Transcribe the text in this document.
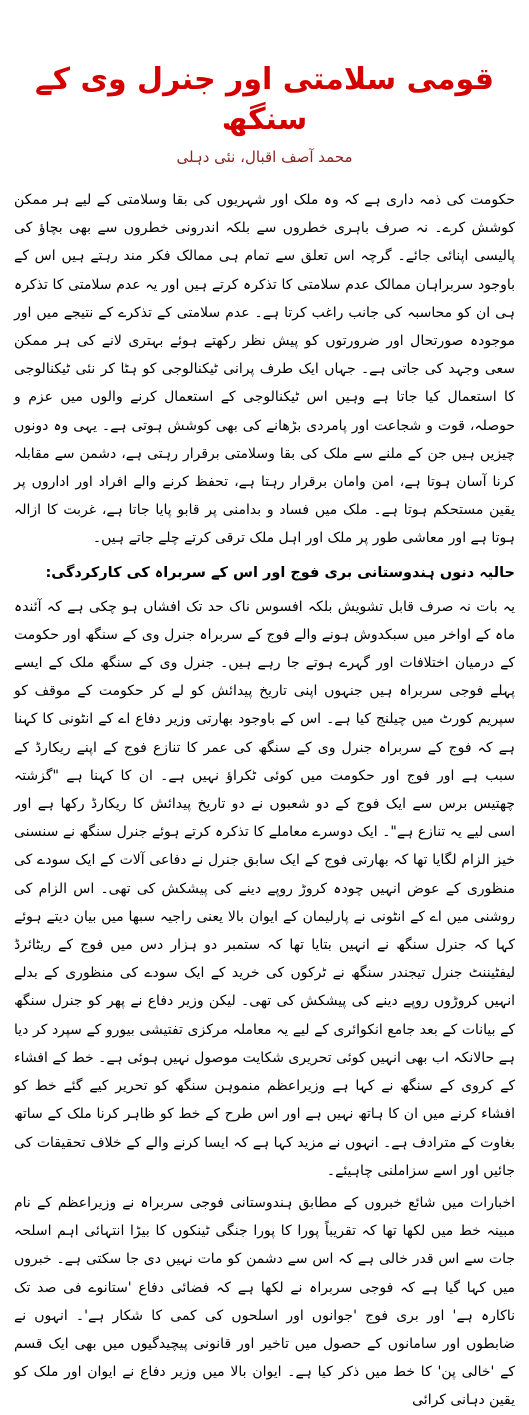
قومی سلامتی اور جنرل وی کے سنگھ
محمد آصف اقبال، نئی دہلی

حکومت کی ذمہ داری ہے کہ وہ ملک اور شہریوں کی بقا وسلامتی کے لیے ہر ممکن کوشش کرے۔ نہ صرف باہری خطروں سے بلکہ اندرونی خطروں سے بھی بچاؤ کی پالیسی اپنائی جائے۔ گرچہ اس تعلق سے تمام ہی ممالک فکر مند رہتے ہیں اس کے باوجود سربراہان ممالک عدم سلامتی کا تذکرہ کرتے ہیں اور یہ عدم سلامتی کا تذکرہ ہی ان کو محاسبہ کی جانب راغب کرتا ہے۔ عدم سلامتی کے تذکرے کے نتیجے میں اور موجودہ صورتحال اور ضرورتوں کو پیش نظر رکھتے ہوئے بہتری لانے کی ہر ممکن سعی وجہد کی جاتی ہے۔ جہاں ایک طرف پرانی ٹیکنالوجی کو ہٹا کر نئی ٹیکنالوجی کا استعمال کیا جاتا ہے وہیں اس ٹیکنالوجی کے استعمال کرنے والوں میں عزم و حوصلہ، قوت و شجاعت اور پامردی بڑھانے کی بھی کوشش ہوتی ہے۔ یہی وہ دونوں چیزیں ہیں جن کے ملنے سے ملک کی بقا وسلامتی برقرار رہتی ہے، دشمن سے مقابلہ کرنا آسان ہوتا ہے، امن وامان برقرار رہتا ہے، تحفظ کرنے والے افراد اور اداروں پر یقین مستحکم ہوتا ہے۔ ملک میں فساد و بدامنی پر قابو پایا جاتا ہے، غربت کا ازالہ ہوتا ہے اور معاشی طور پر ملک اور اہل ملک ترقی کرتے چلے جاتے ہیں۔

حالیہ دنوں ہندوستانی بری فوج اور اس کے سربراہ کی کارکردگی:

یہ بات نہ صرف قابل تشویش بلکہ افسوس ناک حد تک افشاں ہو چکی ہے کہ آئندہ ماہ کے اواخر میں سبکدوش ہونے والے فوج کے سربراہ جنرل وی کے سنگھ اور حکومت کے درمیان اختلافات اور گہرے ہوتے جا رہے ہیں۔ جنرل وی کے سنگھ ملک کے ایسے پہلے فوجی سربراہ ہیں جنہوں اپنی تاریخ پیدائش کو لے کر حکومت کے موقف کو سپریم کورٹ میں چیلنج کیا ہے۔ اس کے باوجود بھارتی وزیر دفاع اے کے انٹونی کا کہنا ہے کہ فوج کے سربراہ جنرل وی کے سنگھ کی عمر کا تنازع فوج کے اپنے ریکارڈ کے سبب ہے اور فوج اور حکومت میں کوئی ٹکراؤ نہیں ہے۔ ان کا کہنا ہے "گزشتہ چھتیس برس سے ایک فوج کے دو شعبوں نے دو تاریخ پیدائش کا ریکارڈ رکھا ہے اور اسی لیے یہ تنازع ہے"۔ ایک دوسرے معاملے کا تذکرہ کرتے ہوئے جنرل سنگھ نے سنسنی خیز الزام لگایا تھا کہ بھارتی فوج کے ایک سابق جنرل نے دفاعی آلات کے ایک سودے کی منظوری کے عوض انہیں چودہ کروڑ روپے دینے کی پیشکش کی تھی۔ اس الزام کی روشنی میں اے کے انٹونی نے پارلیمان کے ایوان بالا یعنی راجیہ سبھا میں بیان دیتے ہوئے کہا کہ جنرل سنگھ نے انہیں بتایا تھا کہ ستمبر دو ہزار دس میں فوج کے ریٹائرڈ لیفٹیننٹ جنرل تیجندر سنگھ نے ٹرکوں کی خرید کے ایک سودے کی منظوری کے بدلے انہیں کروڑوں روپے دینے کی پیشکش کی تھی۔ لیکن وزیر دفاع نے پھر کو جنرل سنگھ کے بیانات کے بعد جامع انکوائری کے لیے یہ معاملہ مرکزی تفتیشی بیورو کے سپرد کر دیا ہے حالانکہ اب بھی انہیں کوئی تحریری شکایت موصول نہیں ہوئی ہے۔ خط کے افشاء کے کروی کے سنگھ نے کہا ہے وزیراعظم منموہن سنگھ کو تحریر کیے گئے خط کو افشاء کرنے میں ان کا ہاتھ نہیں ہے اور اس طرح کے خط کو ظاہر کرنا ملک کے ساتھ بغاوت کے مترادف ہے۔ انہوں نے مزید کہا ہے کہ ایسا کرنے والے کے خلاف تحقیقات کی جائیں اور اسے سزاملنی چاہیئے۔

اخبارات میں شائع خبروں کے مطابق ہندوستانی فوجی سربراہ نے وزیراعظم کے نام مبینہ خط میں لکھا تھا کہ تقریباً پورا کا پورا جنگی ٹینکوں کا بیڑا انتہائی اہم اسلحہ جات سے اس قدر خالی ہے کہ اس سے دشمن کو مات نہیں دی جا سکتی ہے۔ خبروں میں کہا گیا ہے کہ فوجی سربراہ نے لکھا ہے کہ فضائی دفاع 'ستانوے فی صد تک ناکارہ ہے' اور بری فوج 'جوانوں اور اسلحوں کی کمی کا شکار ہے'۔ انہوں نے ضابطوں اور سامانوں کے حصول میں تاخیر اور قانونی پیچیدگیوں میں بھی ایک قسم کے 'خالی پن' کا خط میں ذکر کیا ہے۔ ایوان بالا میں وزیر دفاع نے ایوان اور ملک کو یقین دہانی کرائی
